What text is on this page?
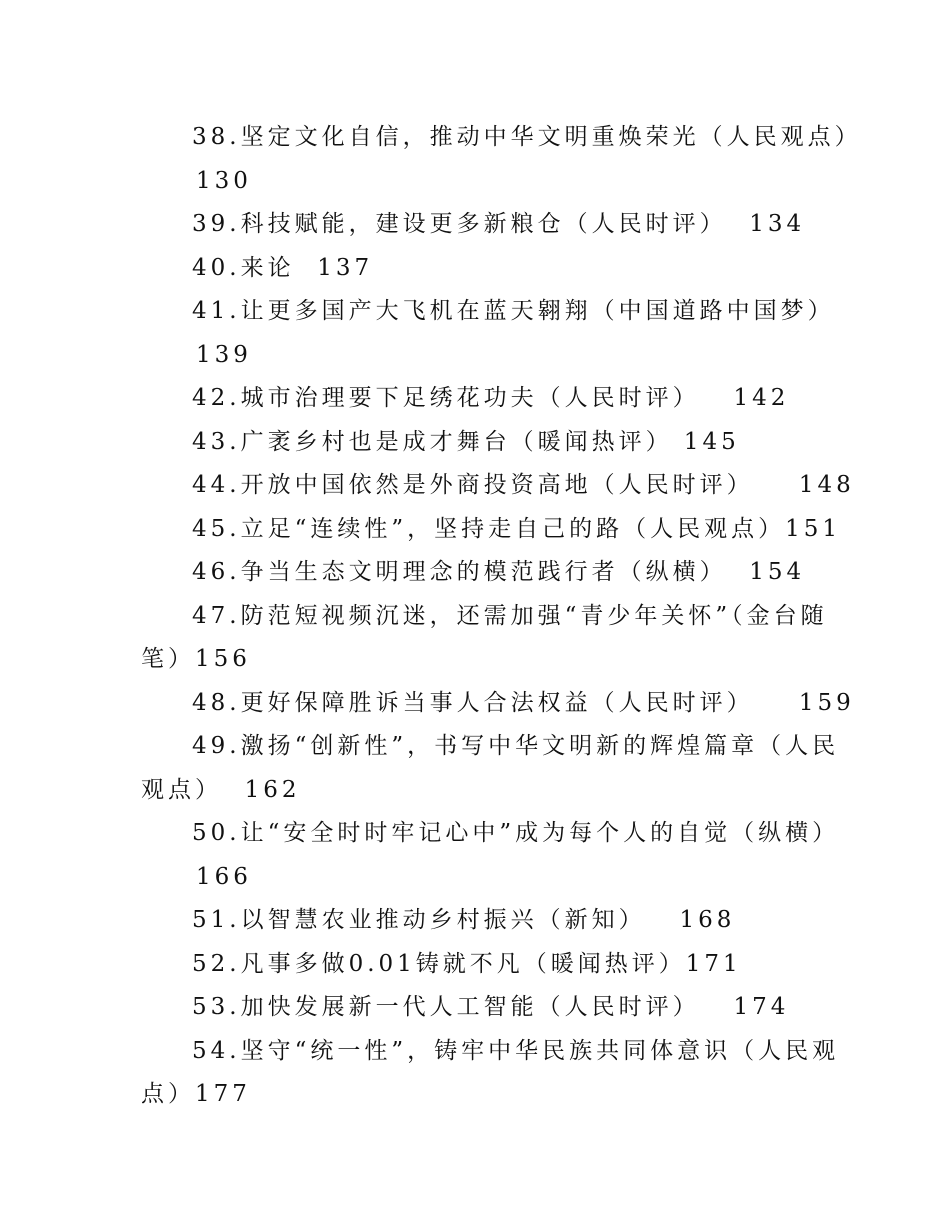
38.坚定文化自信，推动中华文明重焕荣光（人民观点）
130
39.科技赋能，建设更多新粮仓（人民时评）  134
40.来论  137
41.让更多国产大飞机在蓝天翱翔（中国道路中国梦）
139
42.城市治理要下足绣花功夫（人民时评）   142
43.广袤乡村也是成才舞台（暖闻热评） 145
44.开放中国依然是外商投资高地（人民时评）    148
45.立足“连续性”，坚持走自己的路（人民观点）151
46.争当生态文明理念的模范践行者（纵横）  154
47.防范短视频沉迷，还需加强“青少年关怀”（金台随
笔）156
48.更好保障胜诉当事人合法权益（人民时评）    159
49.激扬“创新性”，书写中华文明新的辉煌篇章（人民
观点）  162
50.让“安全时时牢记心中”成为每个人的自觉（纵横）
166
51.以智慧农业推动乡村振兴（新知）   168
52.凡事多做0.01铸就不凡（暖闻热评）171
53.加快发展新一代人工智能（人民时评）   174
54.坚守“统一性”，铸牢中华民族共同体意识（人民观
点）177
